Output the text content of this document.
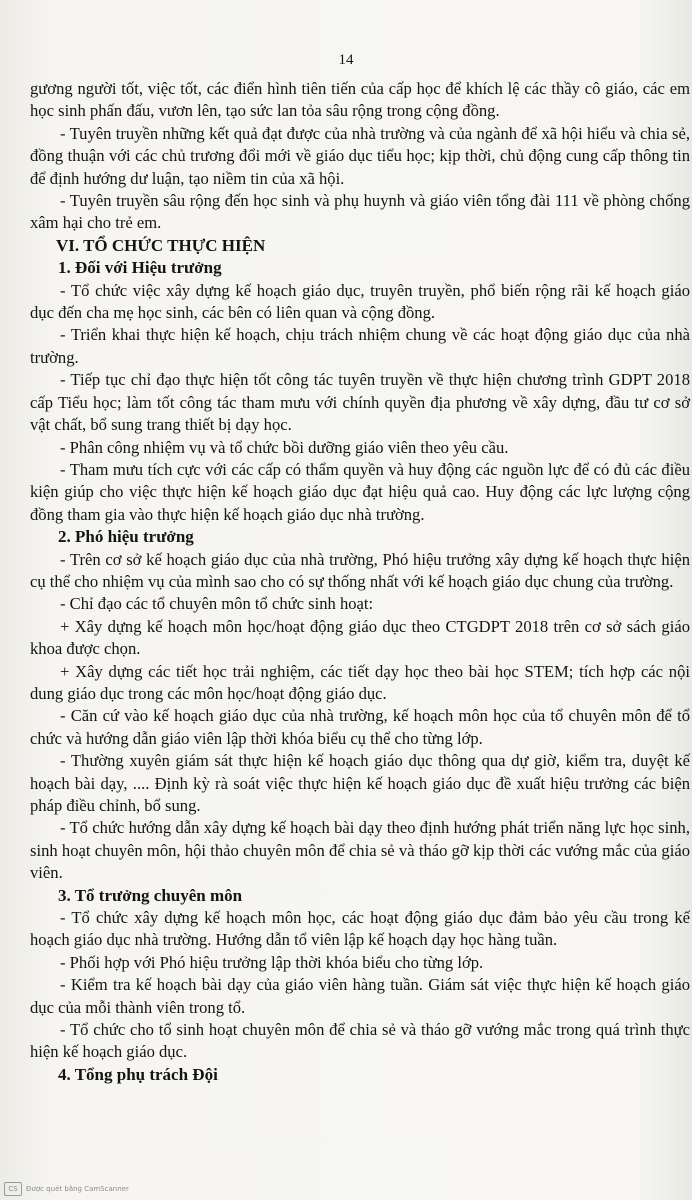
14

gương người tốt, việc tốt, các điển hình tiên tiến của cấp học để khích lệ các thầy cô giáo, các em học sinh phấn đấu, vươn lên, tạo sức lan tỏa sâu rộng trong cộng đồng.

- Tuyên truyền những kết quả đạt được của nhà trường và của ngành để xã hội hiểu và chia sẻ, đồng thuận với các chủ trương đổi mới về giáo dục tiểu học; kịp thời, chủ động cung cấp thông tin để định hướng dư luận, tạo niềm tin của xã hội.

- Tuyên truyền sâu rộng đến học sinh và phụ huynh và giáo viên tổng đài 111 về phòng chống xâm hại cho trẻ em.

VI. TỔ CHỨC THỰC HIỆN

1. Đối với Hiệu trưởng

- Tổ chức việc xây dựng kế hoạch giáo dục, truyên truyền, phổ biến rộng rãi kế hoạch giáo dục đến cha mẹ học sinh, các bên có liên quan và cộng đồng.

- Triển khai thực hiện kế hoạch, chịu trách nhiệm chung về các hoạt động giáo dục của nhà trường.

- Tiếp tục chỉ đạo thực hiện tốt công tác tuyên truyền về thực hiện chương trình GDPT 2018 cấp Tiểu học; làm tốt công tác tham mưu với chính quyền địa phương về xây dựng, đầu tư cơ sở vật chất, bổ sung trang thiết bị dạy học.

- Phân công nhiệm vụ và tổ chức bồi dưỡng giáo viên theo yêu cầu.

- Tham mưu tích cực với các cấp có thẩm quyền và huy động các nguồn lực để có đủ các điều kiện giúp cho việc thực hiện kế hoạch giáo dục đạt hiệu quả cao. Huy động các lực lượng cộng đồng tham gia vào thực hiện kế hoạch giáo dục nhà trường.

2. Phó hiệu trưởng

- Trên cơ sở kế hoạch giáo dục của nhà trường, Phó hiệu trưởng xây dựng kế hoạch thực hiện cụ thể cho nhiệm vụ của mình sao cho có sự thống nhất với kế hoạch giáo dục chung của trường.

- Chỉ đạo các tổ chuyên môn tổ chức sinh hoạt:

+ Xây dựng kế hoạch môn học/hoạt động giáo dục theo CTGDPT 2018 trên cơ sở sách giáo khoa được chọn.

+ Xây dựng các tiết học trải nghiệm, các tiết dạy học theo bài học STEM; tích hợp các nội dung giáo dục trong các môn học/hoạt động giáo dục.

- Căn cứ vào kế hoạch giáo dục của nhà trường, kế hoạch môn học của tổ chuyên môn để tổ chức và hướng dẫn giáo viên lập thời khóa biểu cụ thể cho từng lớp.

- Thường xuyên giám sát thực hiện kế hoạch giáo dục thông qua dự giờ, kiểm tra, duyệt kế hoạch bài dạy, .... Định kỳ rà soát việc thực hiện kế hoạch giáo dục đề xuất hiệu trưởng các biện pháp điều chỉnh, bổ sung.

- Tổ chức hướng dẫn xây dựng kế hoạch bài dạy theo định hướng phát triển năng lực học sinh, sinh hoạt chuyên môn, hội thảo chuyên môn để chia sẻ và tháo gỡ kịp thời các vướng mắc của giáo viên.

3. Tổ trưởng chuyên môn

- Tổ chức xây dựng kế hoạch môn học, các hoạt động giáo dục đảm bảo yêu cầu trong kế hoạch giáo dục nhà trường. Hướng dẫn tổ viên lập kế hoạch dạy học hàng tuần.

- Phối hợp với Phó hiệu trưởng lập thời khóa biểu cho từng lớp.

- Kiểm tra kế hoạch bài dạy của giáo viên hàng tuần. Giám sát việc thực hiện kế hoạch giáo dục của mỗi thành viên trong tổ.

- Tổ chức cho tổ sinh hoạt chuyên môn để chia sẻ và tháo gỡ vướng mắc trong quá trình thực hiện kế hoạch giáo dục.

4. Tổng phụ trách Đội

CS	Được quét bằng CamScanner
